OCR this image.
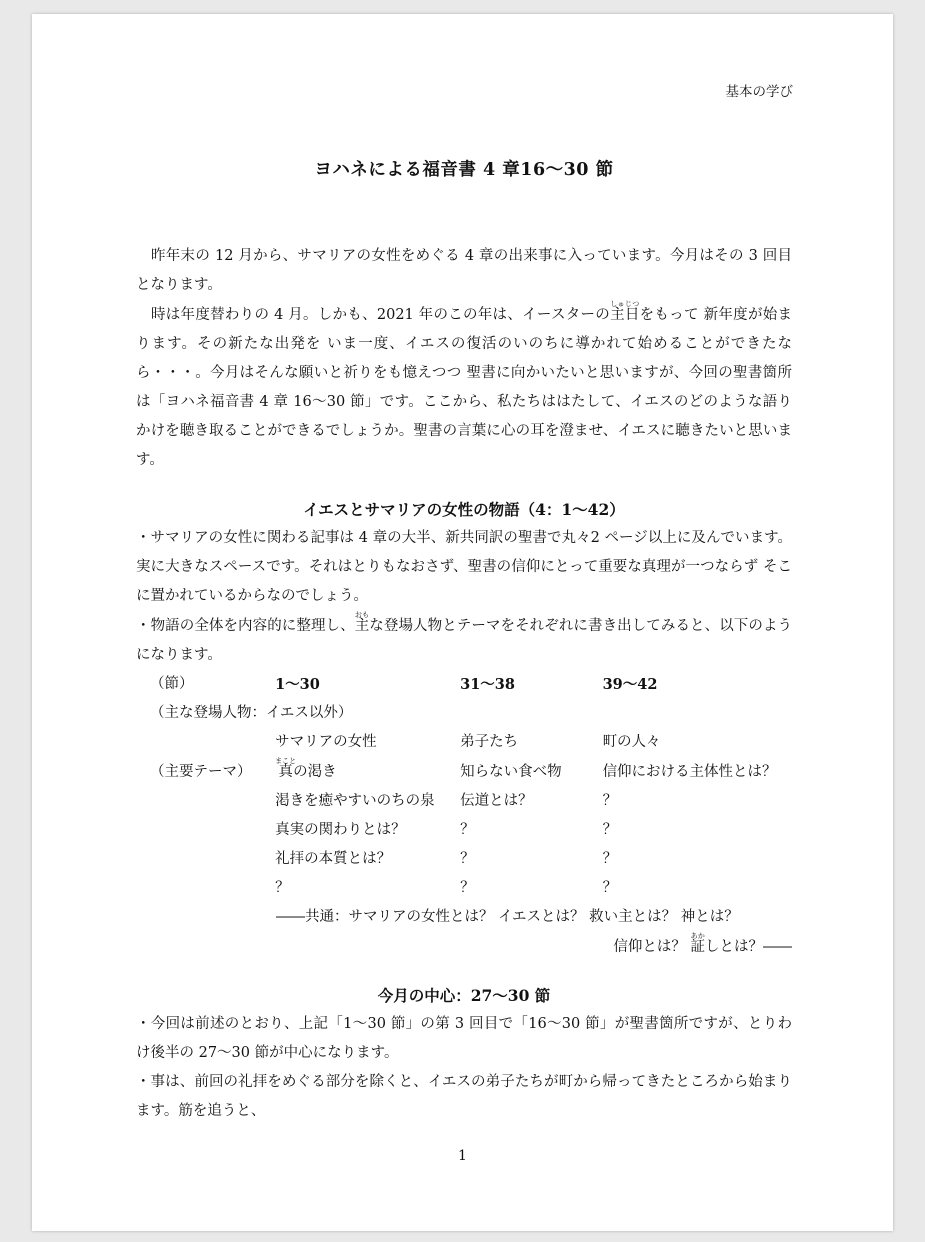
基本の学び
ヨハネによる福音書 4 章16〜30 節

昨年末の 12 月から、サマリアの女性をめぐる 4 章の出来事に入っています。今月はその 3 回目となります。

時は年度替わりの 4 月。しかも、2021 年のこの年は、イースターの主日しゅじつをもって 新年度が始まります。その新たな出発を いま一度、イエスの復活のいのちに導かれて始めることができたなら・・・。今月はそんな願いと祈りをも憶えつつ 聖書に向かいたいと思いますが、今回の聖書箇所は「ヨハネ福音書 4 章 16〜30 節」です。ここから、私たちははたして、イエスのどのような語りかけを聴き取ることができるでしょうか。聖書の言葉に心の耳を澄ませ、イエスに聴きたいと思います。

イエスとサマリアの女性の物語（4：1〜42）

・サマリアの女性に関わる記事は 4 章の大半、新共同訳の聖書で丸々2 ページ以上に及んでいます。実に大きなスペースです。それはとりもなおさず、聖書の信仰にとって重要な真理が一つならず そこに置かれているからなのでしょう。

・物語の全体を内容的に整理し、主おもな登場人物とテーマをそれぞれに書き出してみると、以下のようになります。

（節）	1〜30	31〜38	39〜42
（主な登場人物：イエス以外）			
	サマリアの女性	弟子たち	町の人々
（主要テーマ）	真まことの渇き	知らない食べ物	信仰における主体性とは？
	渇きを癒やすいのちの泉	伝道とは？	？
	真実の関わりとは？	？	？
	礼拝の本質とは？	？	？
	？	？	？
――共通：サマリアの女性とは？ イエスとは？ 救い主とは？ 神とは？
信仰とは？ 証あかしとは？――
今月の中心：27〜30 節

・今回は前述のとおり、上記「1〜30 節」の第 3 回目で「16〜30 節」が聖書箇所ですが、とりわけ後半の 27〜30 節が中心になります。

・事は、前回の礼拝をめぐる部分を除くと、イエスの弟子たちが町から帰ってきたところから始まります。筋を追うと、

1
